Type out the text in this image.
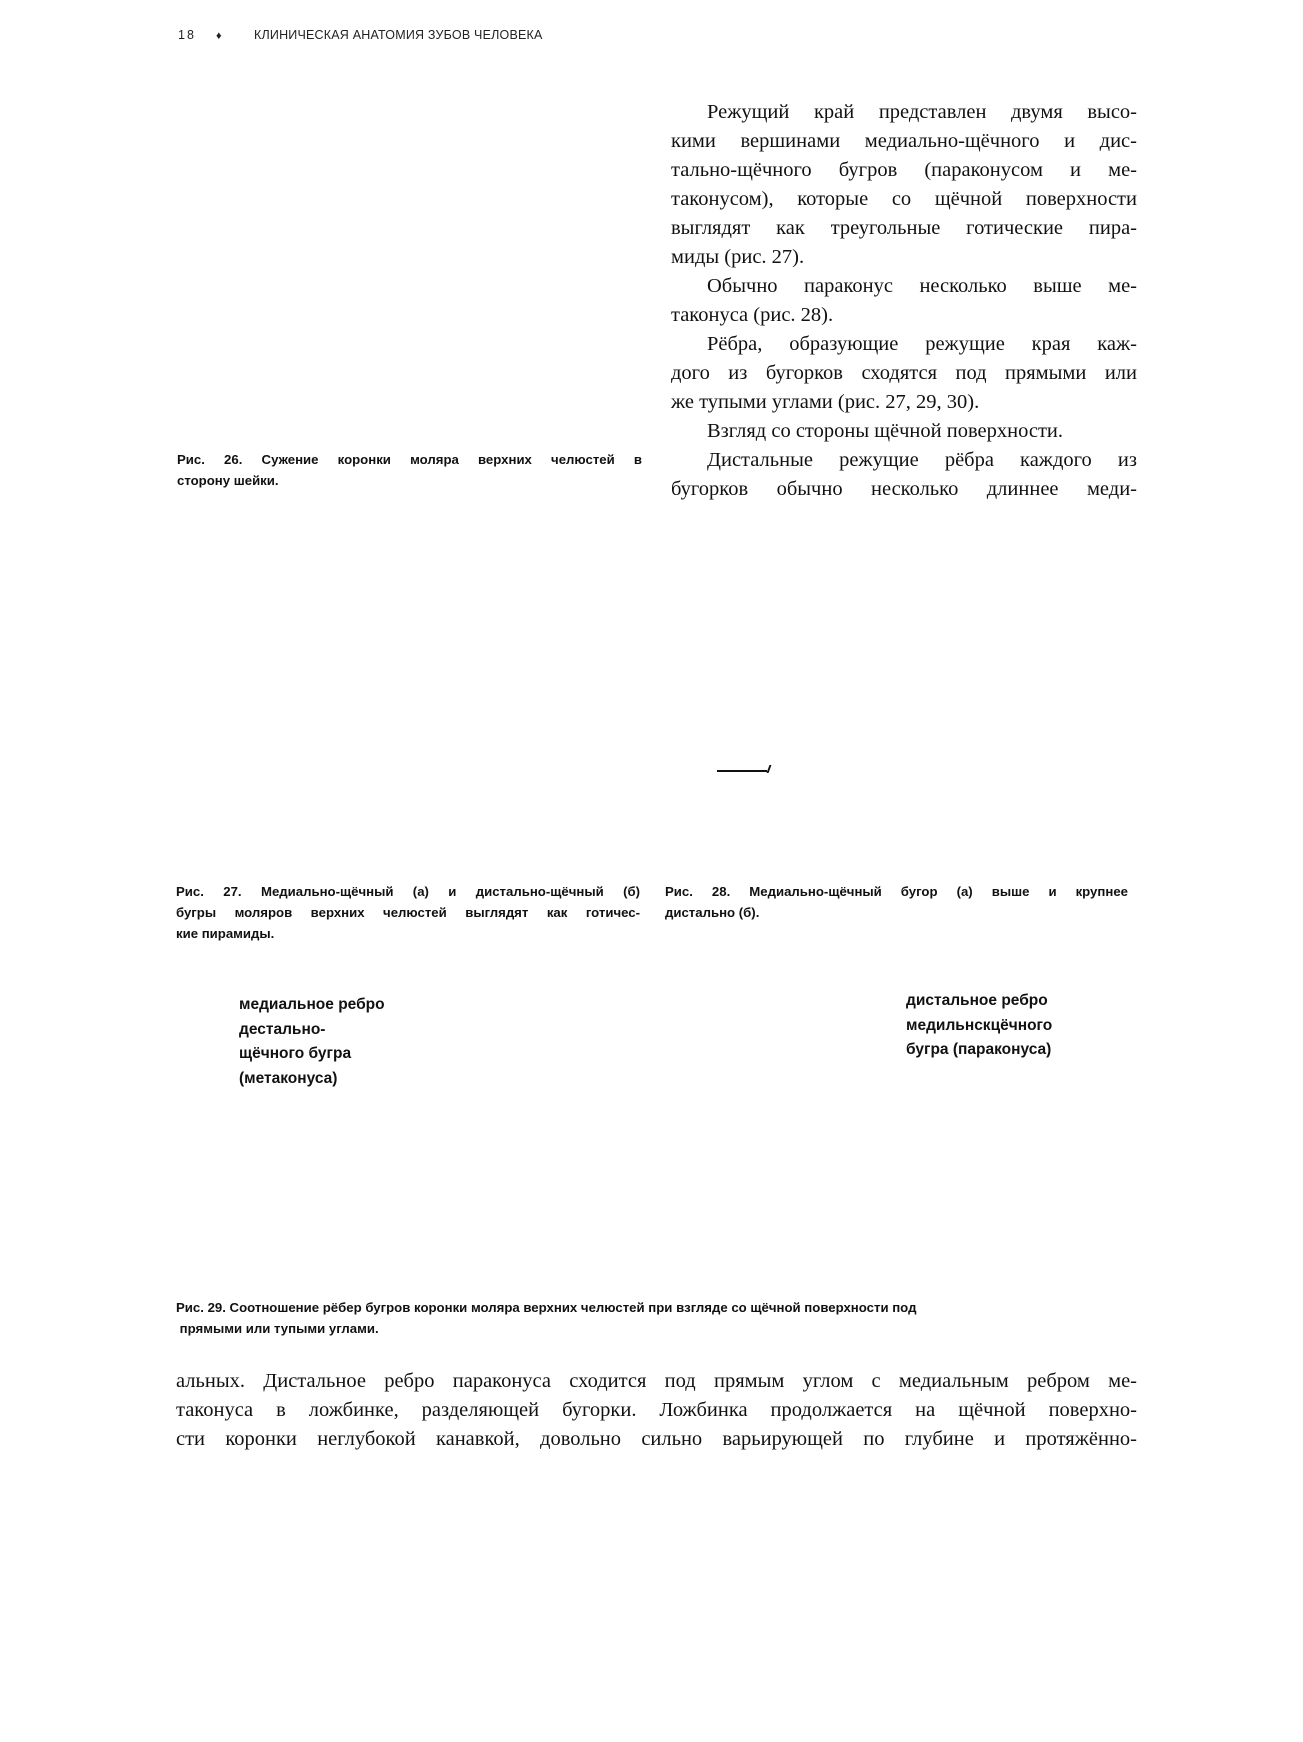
18 ♦	КЛИНИЧЕСКАЯ АНАТОМИЯ ЗУБОВ ЧЕЛОВЕКА
Режущий край представлен двумя высо-
кими вершинами медиально-щёчного и дис-
тально-щёчного бугров (параконусом и ме-
таконусом), которые со щёчной поверхности
выглядят как треугольные готические пира-
миды (рис. 27).
Обычно параконус несколько выше ме-
таконуса (рис. 28).
Рёбра, образующие режущие края каж-
дого из бугорков сходятся под прямыми или
же тупыми углами (рис. 27, 29, 30).
Взгляд со стороны щёчной поверхности.
Дистальные режущие рёбра каждого из
бугорков обычно несколько длиннее меди-
Рис. 26. Сужение коронки моляра верхних челюстей в
сторону шейки.
Рис. 27. Медиально-щёчный (а) и дистально-щёчный (б)
бугры моляров верхних челюстей выглядят как готичес-
кие пирамиды.
Рис. 28. Медиально-щёчный бугор (а) выше и крупнее
дистально (б).
медиальное ребро
дестально-
щёчного бугра
(метаконуса)
дистальное ребро
медильнскцёчного
бугра (параконуса)
Рис. 29. Соотношение рёбер бугров коронки моляра верхних челюстей при взгляде со щёчной поверхности под
прямыми или тупыми углами.
альных. Дистальное ребро параконуса сходится под прямым углом с медиальным ребром ме-
таконуса в ложбинке, разделяющей бугорки. Ложбинка продолжается на щёчной поверхно-
сти коронки неглубокой канавкой, довольно сильно варьирующей по глубине и протяжённо-
